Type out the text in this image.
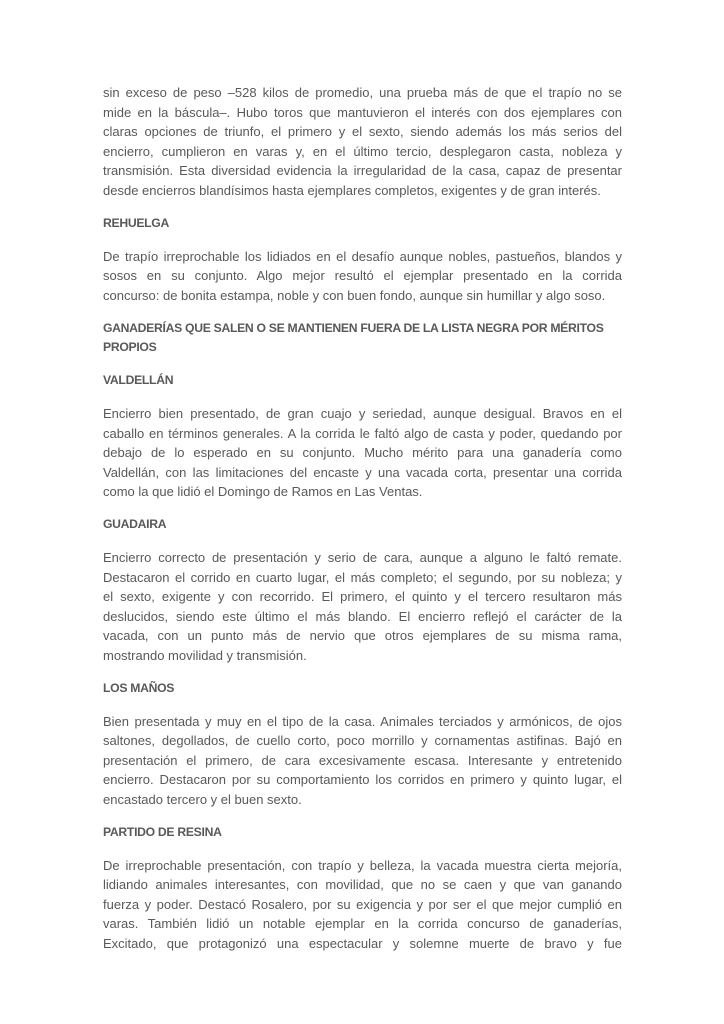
sin exceso de peso –528 kilos de promedio, una prueba más de que el trapío no se
mide en la báscula–. Hubo toros que mantuvieron el interés con dos ejemplares con
claras opciones de triunfo, el primero y el sexto, siendo además los más serios del
encierro, cumplieron en varas y, en el último tercio, desplegaron casta, nobleza y
transmisión. Esta diversidad evidencia la irregularidad de la casa, capaz de presentar
desde encierros blandísimos hasta ejemplares completos, exigentes y de gran interés.
REHUELGA
De trapío irreprochable los lidiados en el desafío aunque nobles, pastueños, blandos y
sosos en su conjunto. Algo mejor resultó el ejemplar presentado en la corrida
concurso: de bonita estampa, noble y con buen fondo, aunque sin humillar y algo soso.
GANADERÍAS QUE SALEN O SE MANTIENEN FUERA DE LA LISTA NEGRA POR MÉRITOS
PROPIOS
VALDELLÁN
Encierro bien presentado, de gran cuajo y seriedad, aunque desigual. Bravos en el
caballo en términos generales. A la corrida le faltó algo de casta y poder, quedando por
debajo de lo esperado en su conjunto. Mucho mérito para una ganadería como
Valdellán, con las limitaciones del encaste y una vacada corta, presentar una corrida
como la que lidió el Domingo de Ramos en Las Ventas.
GUADAIRA
Encierro correcto de presentación y serio de cara, aunque a alguno le faltó remate.
Destacaron el corrido en cuarto lugar, el más completo; el segundo, por su nobleza; y
el sexto, exigente y con recorrido. El primero, el quinto y el tercero resultaron más
deslucidos, siendo este último el más blando. El encierro reflejó el carácter de la
vacada, con un punto más de nervio que otros ejemplares de su misma rama,
mostrando movilidad y transmisión.
LOS MAÑOS
Bien presentada y muy en el tipo de la casa. Animales terciados y armónicos, de ojos
saltones, degollados, de cuello corto, poco morrillo y cornamentas astifinas. Bajó en
presentación el primero, de cara excesivamente escasa. Interesante y entretenido
encierro. Destacaron por su comportamiento los corridos en primero y quinto lugar, el
encastado tercero y el buen sexto.
PARTIDO DE RESINA
De irreprochable presentación, con trapío y belleza, la vacada muestra cierta mejoría,
lidiando animales interesantes, con movilidad, que no se caen y que van ganando
fuerza y poder. Destacó Rosalero, por su exigencia y por ser el que mejor cumplió en
varas. También lidió un notable ejemplar en la corrida concurso de ganaderías,
Excitado, que protagonizó una espectacular y solemne muerte de bravo y fue
